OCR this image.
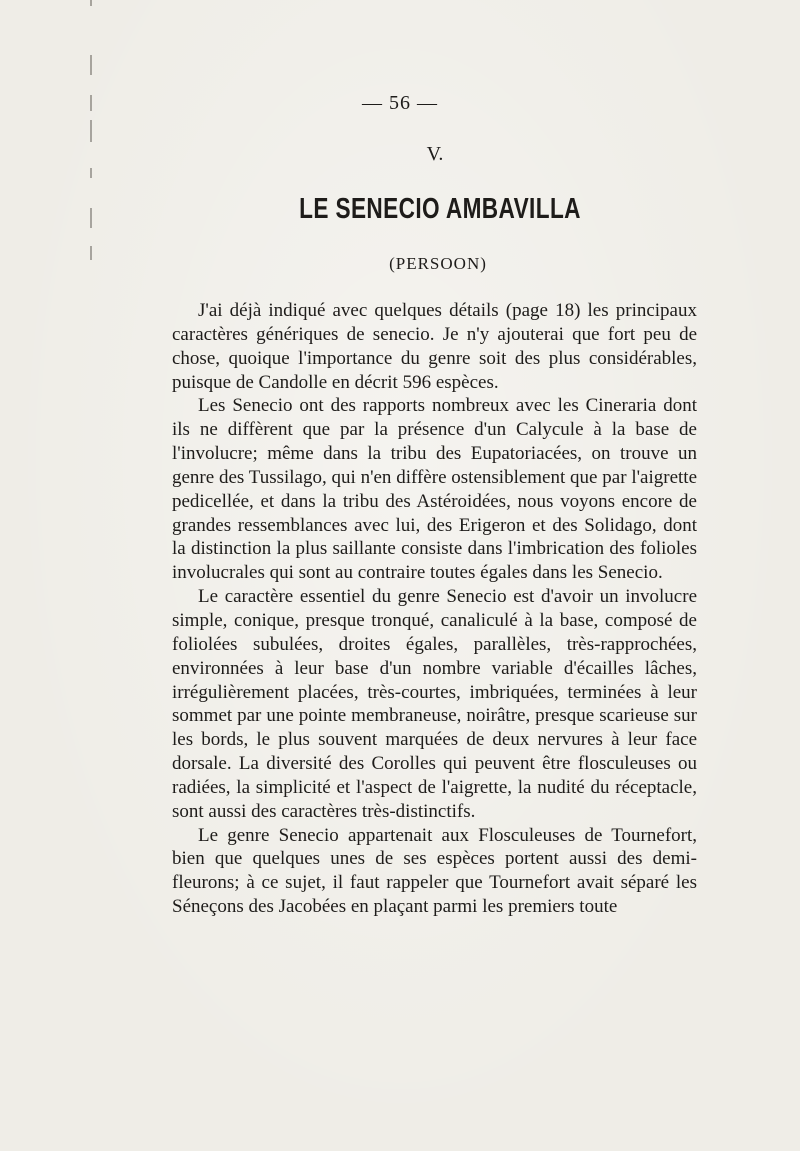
— 56 —
V.
LE SENECIO AMBAVILLA
(PERSOON)

J'ai déjà indiqué avec quelques détails (page 18) les principaux caractères génériques de senecio. Je n'y ajouterai que fort peu de chose, quoique l'importance du genre soit des plus considérables, puisque de Candolle en décrit 596 espèces.

Les Senecio ont des rapports nombreux avec les Cineraria dont ils ne diffèrent que par la présence d'un Calycule à la base de l'involucre; même dans la tribu des Eupatoriacées, on trouve un genre des Tussilago, qui n'en diffère ostensiblement que par l'aigrette pedicellée, et dans la tribu des Astéroidées, nous voyons encore de grandes ressemblances avec lui, des Erigeron et des Solidago, dont la distinction la plus saillante consiste dans l'imbrication des folioles involucrales qui sont au contraire toutes égales dans les Senecio.

Le caractère essentiel du genre Senecio est d'avoir un involucre simple, conique, presque tronqué, canaliculé à la base, composé de foliolées subulées, droites égales, parallèles, très-rapprochées, environnées à leur base d'un nombre variable d'écailles lâches, irrégulièrement placées, très-courtes, imbriquées, terminées à leur sommet par une pointe membraneuse, noirâtre, presque scarieuse sur les bords, le plus souvent marquées de deux nervures à leur face dorsale. La diversité des Corolles qui peuvent être flosculeuses ou radiées, la simplicité et l'aspect de l'aigrette, la nudité du réceptacle, sont aussi des caractères très-distinctifs.

Le genre Senecio appartenait aux Flosculeuses de Tournefort, bien que quelques unes de ses espèces portent aussi des demi-fleurons; à ce sujet, il faut rappeler que Tournefort avait séparé les Séneçons des Jacobées en plaçant parmi les premiers toute
